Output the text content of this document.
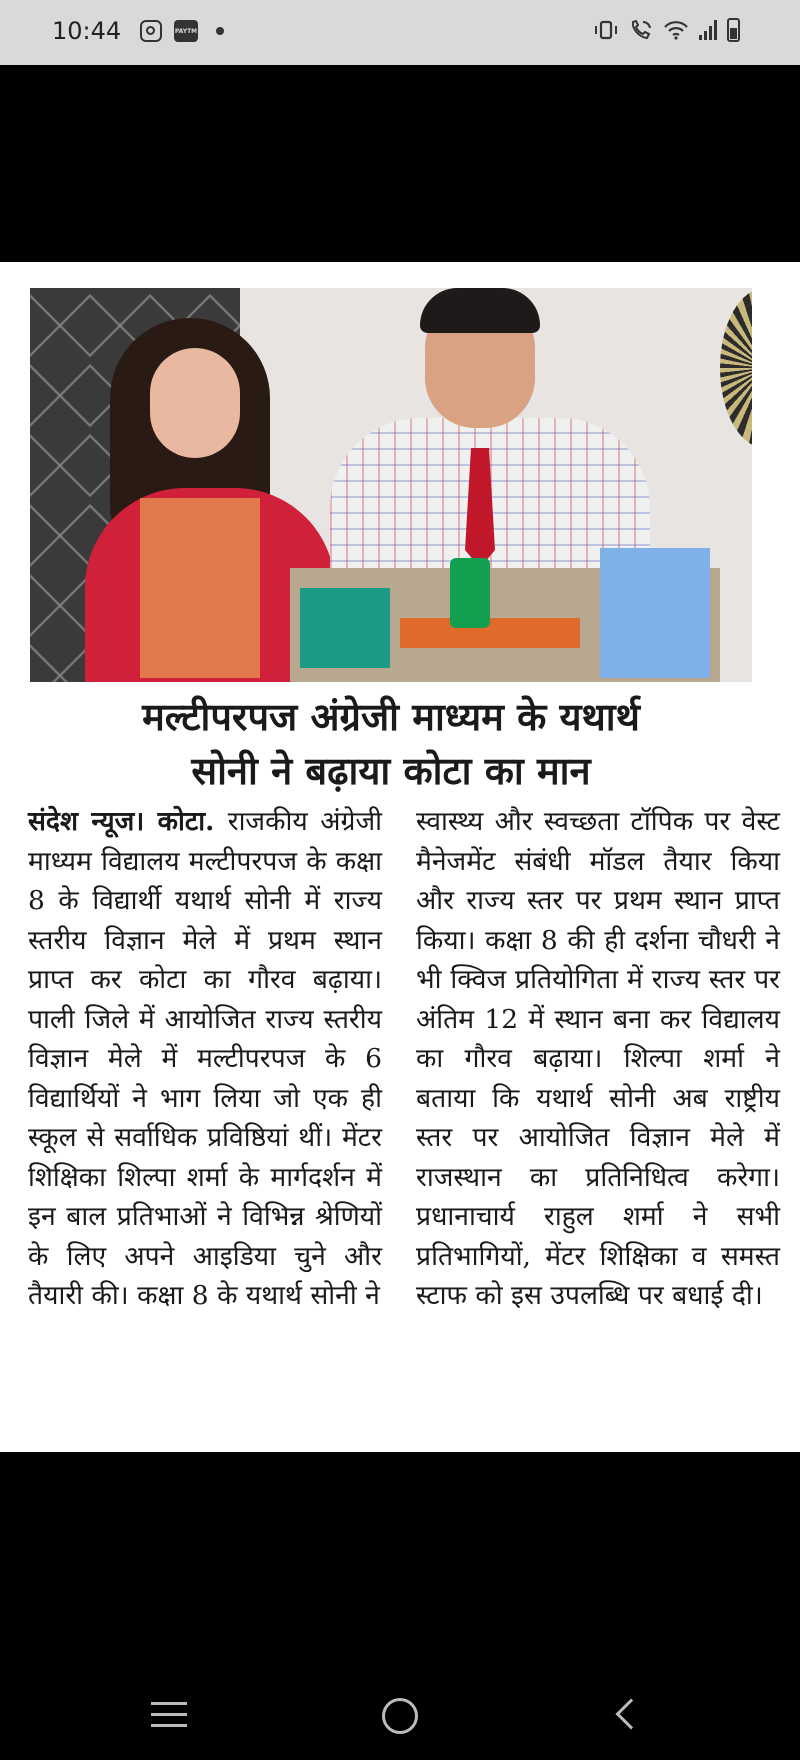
10:44	PAYTM
मल्टीपरपज अंग्रेजी माध्यम के यथार्थ
सोनी ने बढ़ाया कोटा का मान
संदेश न्यूज। कोटा. राजकीय अंग्रेजी माध्यम विद्यालय मल्टीपरपज के कक्षा 8 के विद्यार्थी यथार्थ सोनी में राज्य स्तरीय विज्ञान मेले में प्रथम स्थान प्राप्त कर कोटा का गौरव बढ़ाया। पाली जिले में आयोजित राज्य स्तरीय विज्ञान मेले में मल्टीपरपज के 6 विद्यार्थियों ने भाग लिया जो एक ही स्कूल से सर्वाधिक प्रविष्ठियां थीं। मेंटर शिक्षिका शिल्पा शर्मा के मार्गदर्शन में इन बाल प्रतिभाओं ने विभिन्न श्रेणियों के लिए अपने आइडिया चुने और तैयारी की। कक्षा 8 के यथार्थ सोनी ने
स्वास्थ्य और स्वच्छता टॉपिक पर वेस्ट मैनेजमेंट संबंधी मॉडल तैयार किया और राज्य स्तर पर प्रथम स्थान प्राप्त किया। कक्षा 8 की ही दर्शना चौधरी ने भी क्विज प्रतियोगिता में राज्य स्तर पर अंतिम 12 में स्थान बना कर विद्यालय का गौरव बढ़ाया। शिल्पा शर्मा ने बताया कि यथार्थ सोनी अब राष्ट्रीय स्तर पर आयोजित विज्ञान मेले में राजस्थान का प्रतिनिधित्व करेगा। प्रधानाचार्य राहुल शर्मा ने सभी प्रतिभागियों, मेंटर शिक्षिका व समस्त स्टाफ को इस उपलब्धि पर बधाई दी।
